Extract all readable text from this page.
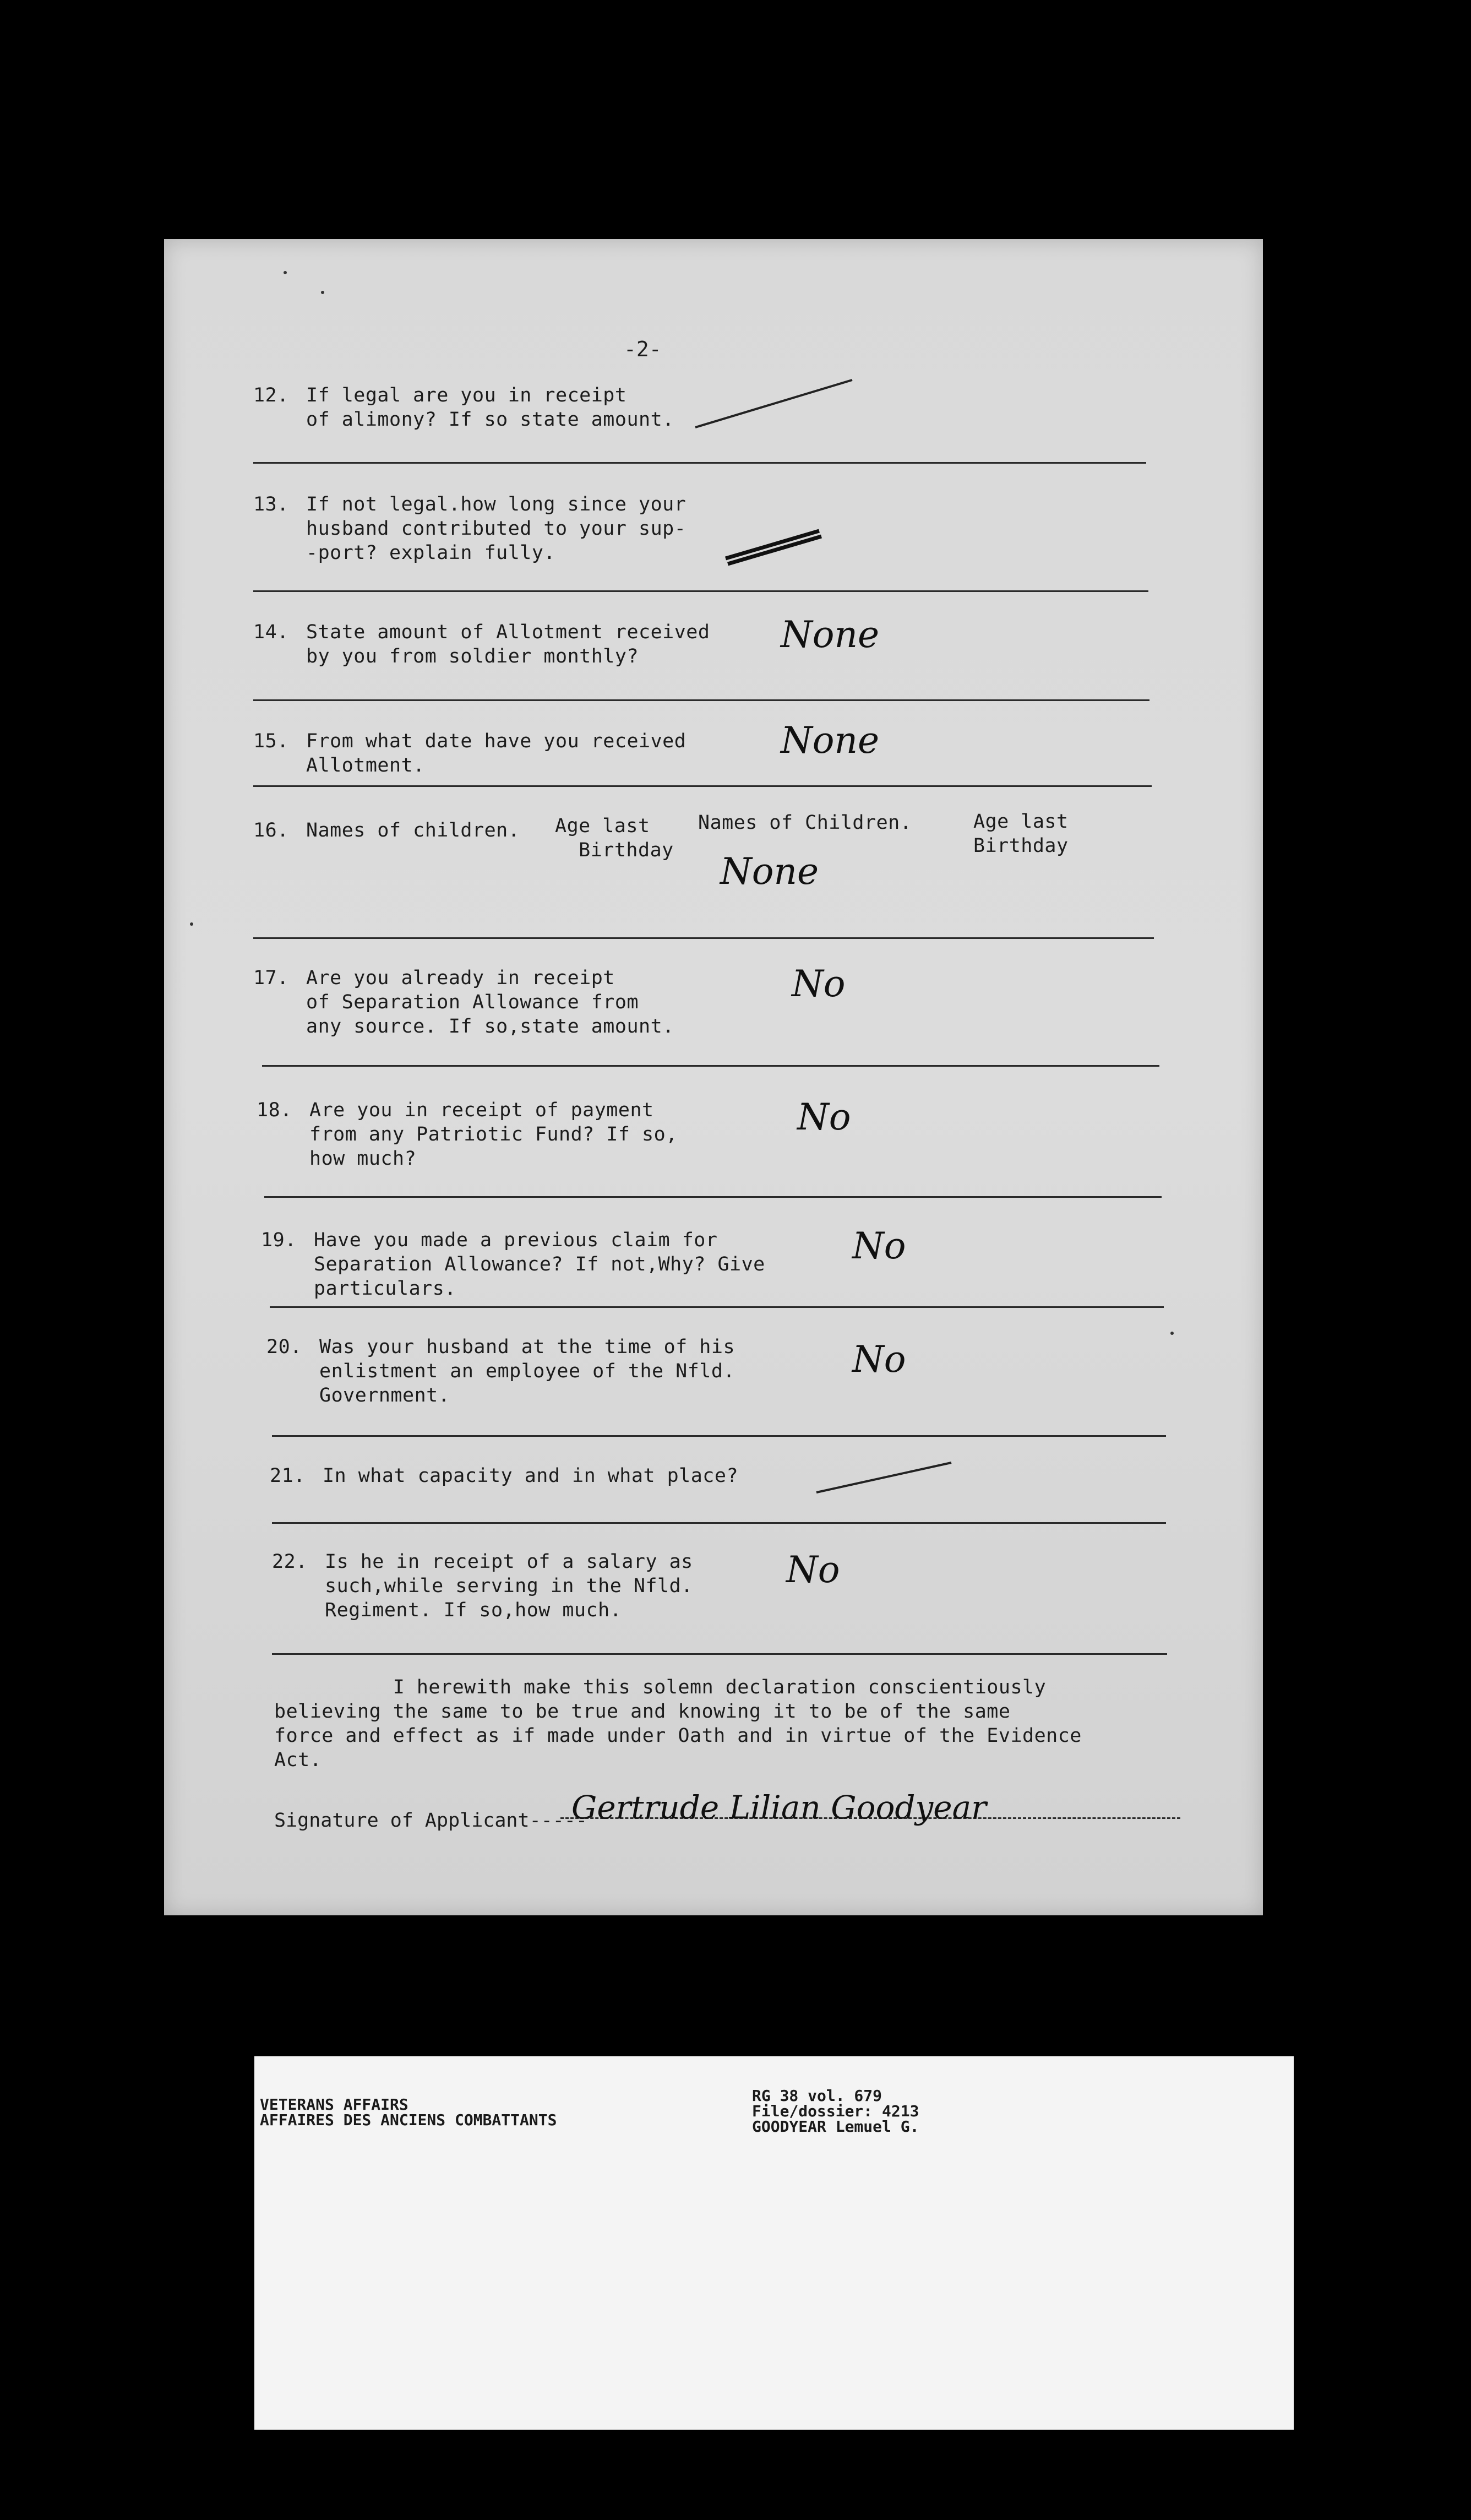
-2-
12. If legal are you in receipt
of alimony? If so state amount.
13. If not legal.how long since your
husband contributed to your sup-
-port? explain fully.
14. State amount of Allotment received
by you from soldier monthly?
None
15. From what date have you received
Allotment.
None
16. Names of children. Age last
Birthday
Names of Children.	Age last
Birthday
None
17. Are you already in receipt
of Separation Allowance from
any source. If so,state amount.
No
18. Are you in receipt of payment
from any Patriotic Fund? If so,
how much?
No
19. Have you made a previous claim for
Separation Allowance? If not,Why? Give
particulars.
No
20. Was your husband at the time of his
enlistment an employee of the Nfld.
Government.
No
21. In what capacity and in what place?
22. Is he in receipt of a salary as
such,while serving in the Nfld.
Regiment. If so,how much.
No
I herewith make this solemn declaration conscientiously
believing the same to be true and knowing it to be of the same
force and effect as if made under Oath and in virtue of the Evidence
Act.
Signature of Applicant-----
Gertrude Lilian Goodyear
VETERANS AFFAIRS
AFFAIRES DES ANCIENS COMBATTANTS
RG 38 vol. 679
File/dossier: 4213
GOODYEAR Lemuel G.
